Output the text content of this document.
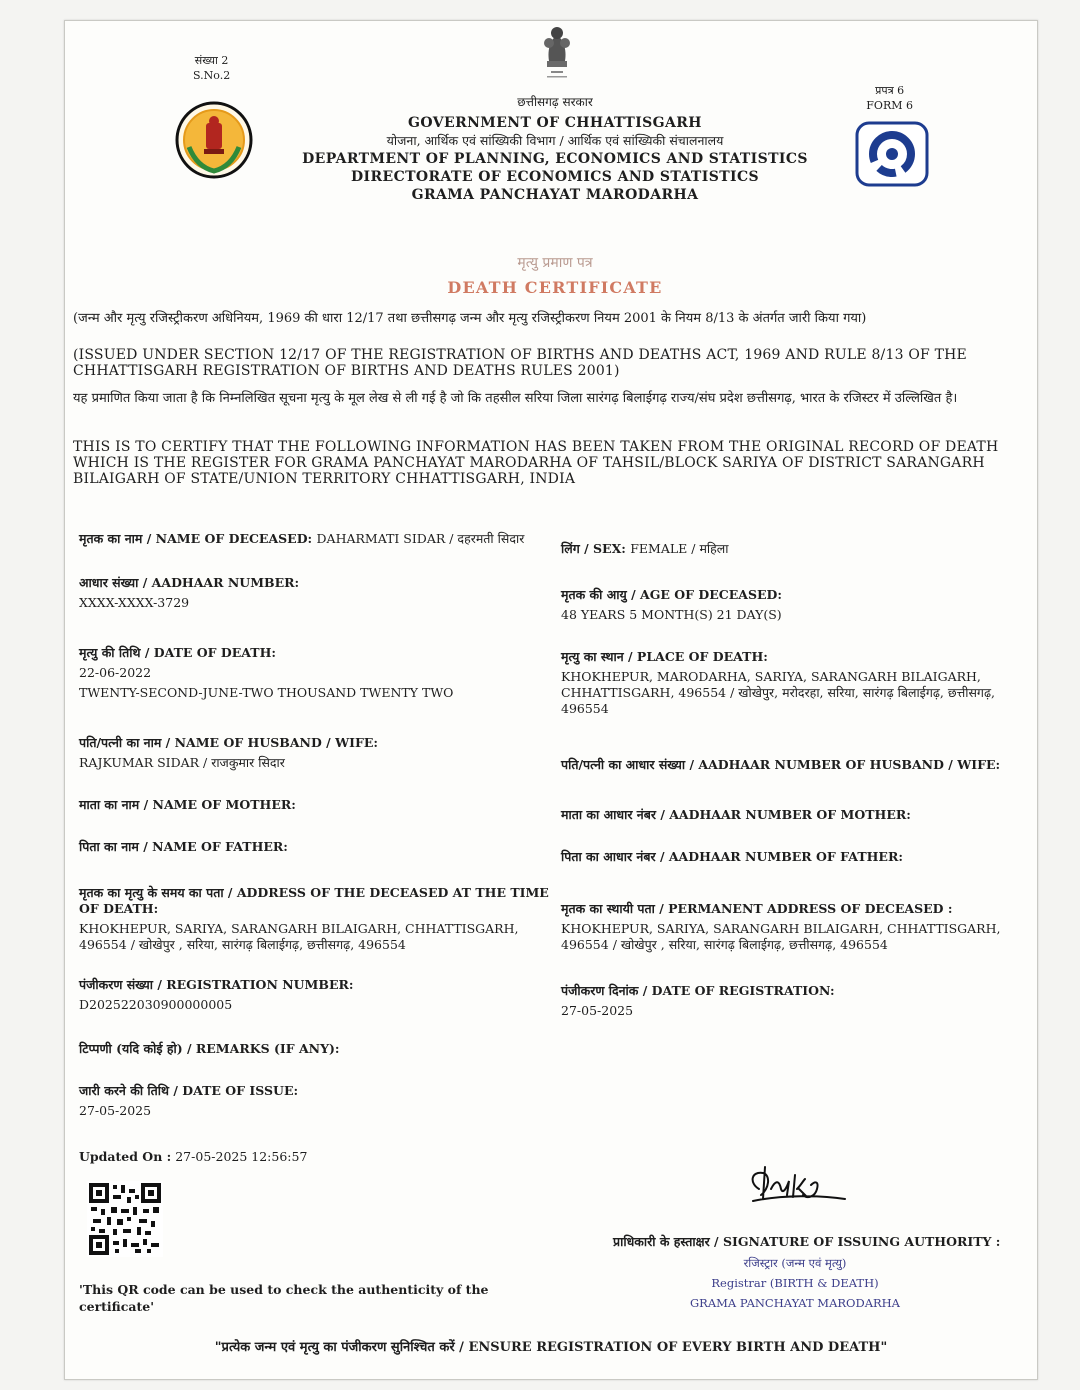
संख्या 2
S.No.2
प्रपत्र 6
FORM 6
छत्तीसगढ़ सरकार
GOVERNMENT OF CHHATTISGARH
योजना, आर्थिक एवं सांख्यिकी विभाग / आर्थिक एवं सांख्यिकी संचालनालय
DEPARTMENT OF PLANNING, ECONOMICS AND STATISTICS
DIRECTORATE OF ECONOMICS AND STATISTICS
GRAMA PANCHAYAT MARODARHA
मृत्यु प्रमाण पत्र
DEATH CERTIFICATE
(जन्म और मृत्यु रजिस्ट्रीकरण अधिनियम, 1969 की धारा 12/17 तथा छत्तीसगढ़ जन्म और मृत्यु रजिस्ट्रीकरण नियम 2001 के नियम 8/13 के अंतर्गत जारी किया गया)
(ISSUED UNDER SECTION 12/17 OF THE REGISTRATION OF BIRTHS AND DEATHS ACT, 1969 AND RULE 8/13 OF THE CHHATTISGARH REGISTRATION OF BIRTHS AND DEATHS RULES 2001)
यह प्रमाणित किया जाता है कि निम्नलिखित सूचना मृत्यु के मूल लेख से ली गई है जो कि तहसील सरिया जिला सारंगढ़ बिलाईगढ़ राज्य/संघ प्रदेश छत्तीसगढ़, भारत के रजिस्टर में उल्लिखित है।
THIS IS TO CERTIFY THAT THE FOLLOWING INFORMATION HAS BEEN TAKEN FROM THE ORIGINAL RECORD OF DEATH WHICH IS THE REGISTER FOR GRAMA PANCHAYAT MARODARHA OF TAHSIL/BLOCK SARIYA OF DISTRICT SARANGARH BILAIGARH OF STATE/UNION TERRITORY CHHATTISGARH, INDIA
मृतक का नाम / NAME OF DECEASED: DAHARMATI SIDAR / दहरमती सिदार
लिंग / SEX: FEMALE / महिला
आधार संख्या / AADHAAR NUMBER:
XXXX-XXXX-3729
मृतक की आयु / AGE OF DECEASED:
48 YEARS 5 MONTH(S) 21 DAY(S)
मृत्यु की तिथि / DATE OF DEATH:
22-06-2022
TWENTY-SECOND-JUNE-TWO THOUSAND TWENTY TWO
मृत्यु का स्थान / PLACE OF DEATH:
KHOKHEPUR, MARODARHA, SARIYA, SARANGARH BILAIGARH, CHHATTISGARH, 496554 / खोखेपुर, मरोदरहा, सरिया, सारंगढ़ बिलाईगढ़, छत्तीसगढ़, 496554
पति/पत्नी का नाम / NAME OF HUSBAND / WIFE:
RAJKUMAR SIDAR / राजकुमार सिदार	पति/पत्नी का आधार संख्या / AADHAAR NUMBER OF HUSBAND / WIFE:
माता का नाम / NAME OF MOTHER:
माता का आधार नंबर / AADHAAR NUMBER OF MOTHER:
पिता का नाम / NAME OF FATHER:
पिता का आधार नंबर / AADHAAR NUMBER OF FATHER:
मृतक का मृत्यु के समय का पता / ADDRESS OF THE DECEASED AT THE TIME OF DEATH:
KHOKHEPUR, SARIYA, SARANGARH BILAIGARH, CHHATTISGARH, 496554 / खोखेपुर , सरिया, सारंगढ़ बिलाईगढ़, छत्तीसगढ़, 496554
मृतक का स्थायी पता / PERMANENT ADDRESS OF DECEASED :
KHOKHEPUR, SARIYA, SARANGARH BILAIGARH, CHHATTISGARH, 496554 / खोखेपुर , सरिया, सारंगढ़ बिलाईगढ़, छत्तीसगढ़, 496554
पंजीकरण संख्या / REGISTRATION NUMBER:
D202522030900000005
पंजीकरण दिनांक / DATE OF REGISTRATION:
27-05-2025
टिप्पणी (यदि कोई हो) / REMARKS (IF ANY):
जारी करने की तिथि / DATE OF ISSUE:
27-05-2025
Updated On : 27-05-2025 12:56:57
'This QR code can be used to check the authenticity of the certificate'
प्राधिकारी के हस्ताक्षर / SIGNATURE OF ISSUING AUTHORITY :
रजिस्ट्रार (जन्म एवं मृत्यु)
Registrar (BIRTH & DEATH)
GRAMA PANCHAYAT MARODARHA
"प्रत्येक जन्म एवं मृत्यु का पंजीकरण सुनिश्चित करें / ENSURE REGISTRATION OF EVERY BIRTH AND DEATH"
